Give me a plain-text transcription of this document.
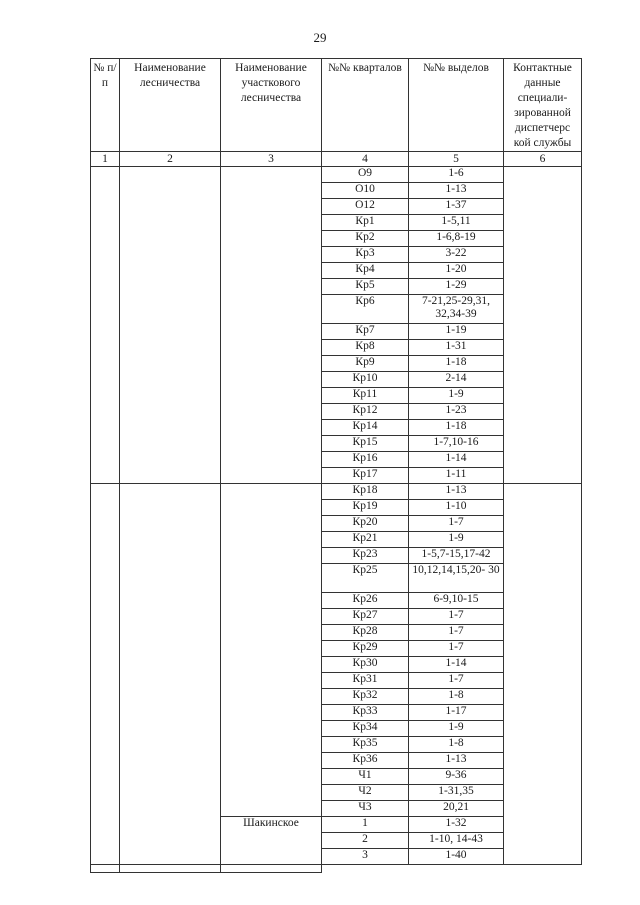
29
№ п/п	Наименование лесничества	Наименование участкового лесничества	№№ кварталов	№№ выделов	Контактные данные специали- зированной диспетчерс кой службы
1	2	3	4	5	6
			О9	1-6	
			О10	1-13	
			О12	1-37	
			Кр1	1-5,11	
			Кр2	1-6,8-19	
			Кр3	3-22	
			Кр4	1-20	
			Кр5	1-29	
			Кр6	7-21,25-29,31, 32,34-39	
			Кр7	1-19	
			Кр8	1-31	
			Кр9	1-18	
			Кр10	2-14	
			Кр11	1-9	
			Кр12	1-23	
			Кр14	1-18	
			Кр15	1-7,10-16	
			Кр16	1-14	
			Кр17	1-11	
			Кр18	1-13	
			Кр19	1-10	
			Кр20	1-7	
			Кр21	1-9	
			Кр23	1-5,7-15,17-42	
			Кр25	10,12,14,15,20- 30	
			Кр26	6-9,10-15	
			Кр27	1-7	
			Кр28	1-7	
			Кр29	1-7	
			Кр30	1-14	
			Кр31	1-7	
			Кр32	1-8	
			Кр33	1-17	
			Кр34	1-9	
			Кр35	1-8	
			Кр36	1-13	
			Ч1	9-36	
			Ч2	1-31,35	
			Ч3	20,21	
		Шакинское	1	1-32	
			2	1-10, 14-43	
			3	1-40	
